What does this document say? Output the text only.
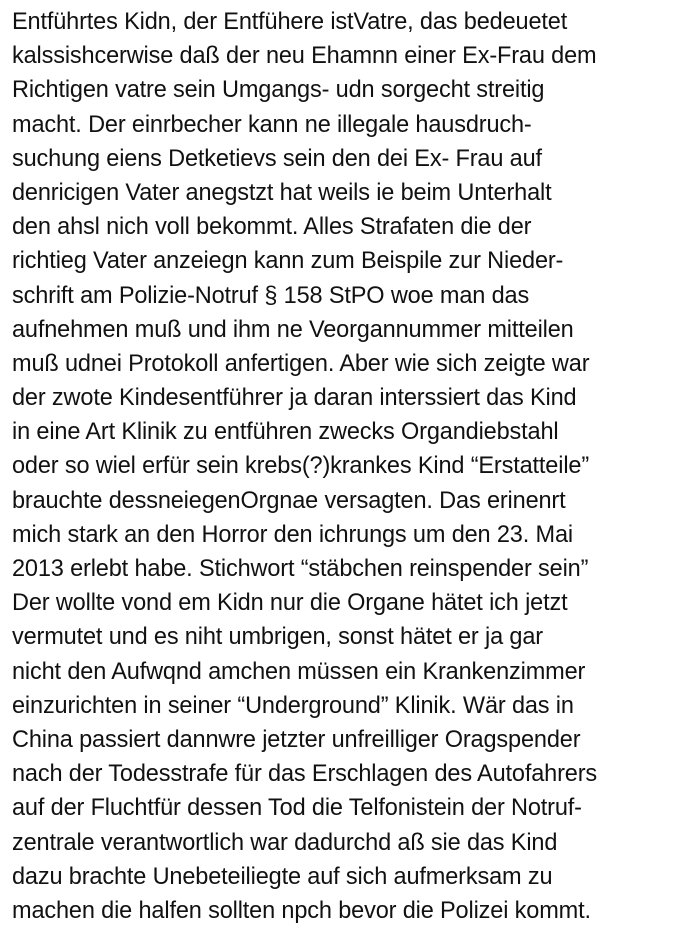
Entführtes Kidn, der Entfühere istVatre, das bedeuetet
kalssishcerwise daß der neu Ehamnn einer Ex-Frau dem
Richtigen vatre sein Umgangs- udn sorgecht streitig
macht. Der einrbecher kann ne illegale hausdruch-
suchung eiens Detketievs sein den dei Ex- Frau auf
denricigen Vater anegstzt hat weils ie beim Unterhalt
den ahsl nich voll bekommt. Alles Strafaten die der
richtieg Vater anzeiegn kann zum Beispile zur Nieder-
schrift am Polizie-Notruf § 158 StPO woe man das
aufnehmen muß und ihm ne Veorgannummer mitteilen
muß udnei Protokoll anfertigen. Aber wie sich zeigte war
der zwote Kindesentführer ja daran interssiert das Kind
in eine Art Klinik zu entführen zwecks Organdiebstahl
oder so wiel erfür sein krebs(?)krankes Kind “Erstatteile”
brauchte dessneiegenOrgnae versagten. Das erinenrt
mich stark an den Horror den ichrungs um den 23. Mai
2013 erlebt habe. Stichwort “stäbchen reinspender sein”
Der wollte vond em Kidn nur die Organe hätet ich jetzt
vermutet und es niht umbrigen, sonst hätet er ja gar
nicht den Aufwqnd amchen müssen ein Krankenzimmer
einzurichten in seiner “Underground” Klinik. Wär das in
China passiert dannwre jetzter unfreilliger Oragspender
nach der Todesstrafe für das Erschlagen des Autofahrers
auf der Fluchtfür dessen Tod die Telfonistein der Notruf-
zentrale verantwortlich war dadurchd aß sie das Kind
dazu brachte Unebeteiliegte auf sich aufmerksam zu
machen die halfen sollten npch bevor die Polizei kommt.
